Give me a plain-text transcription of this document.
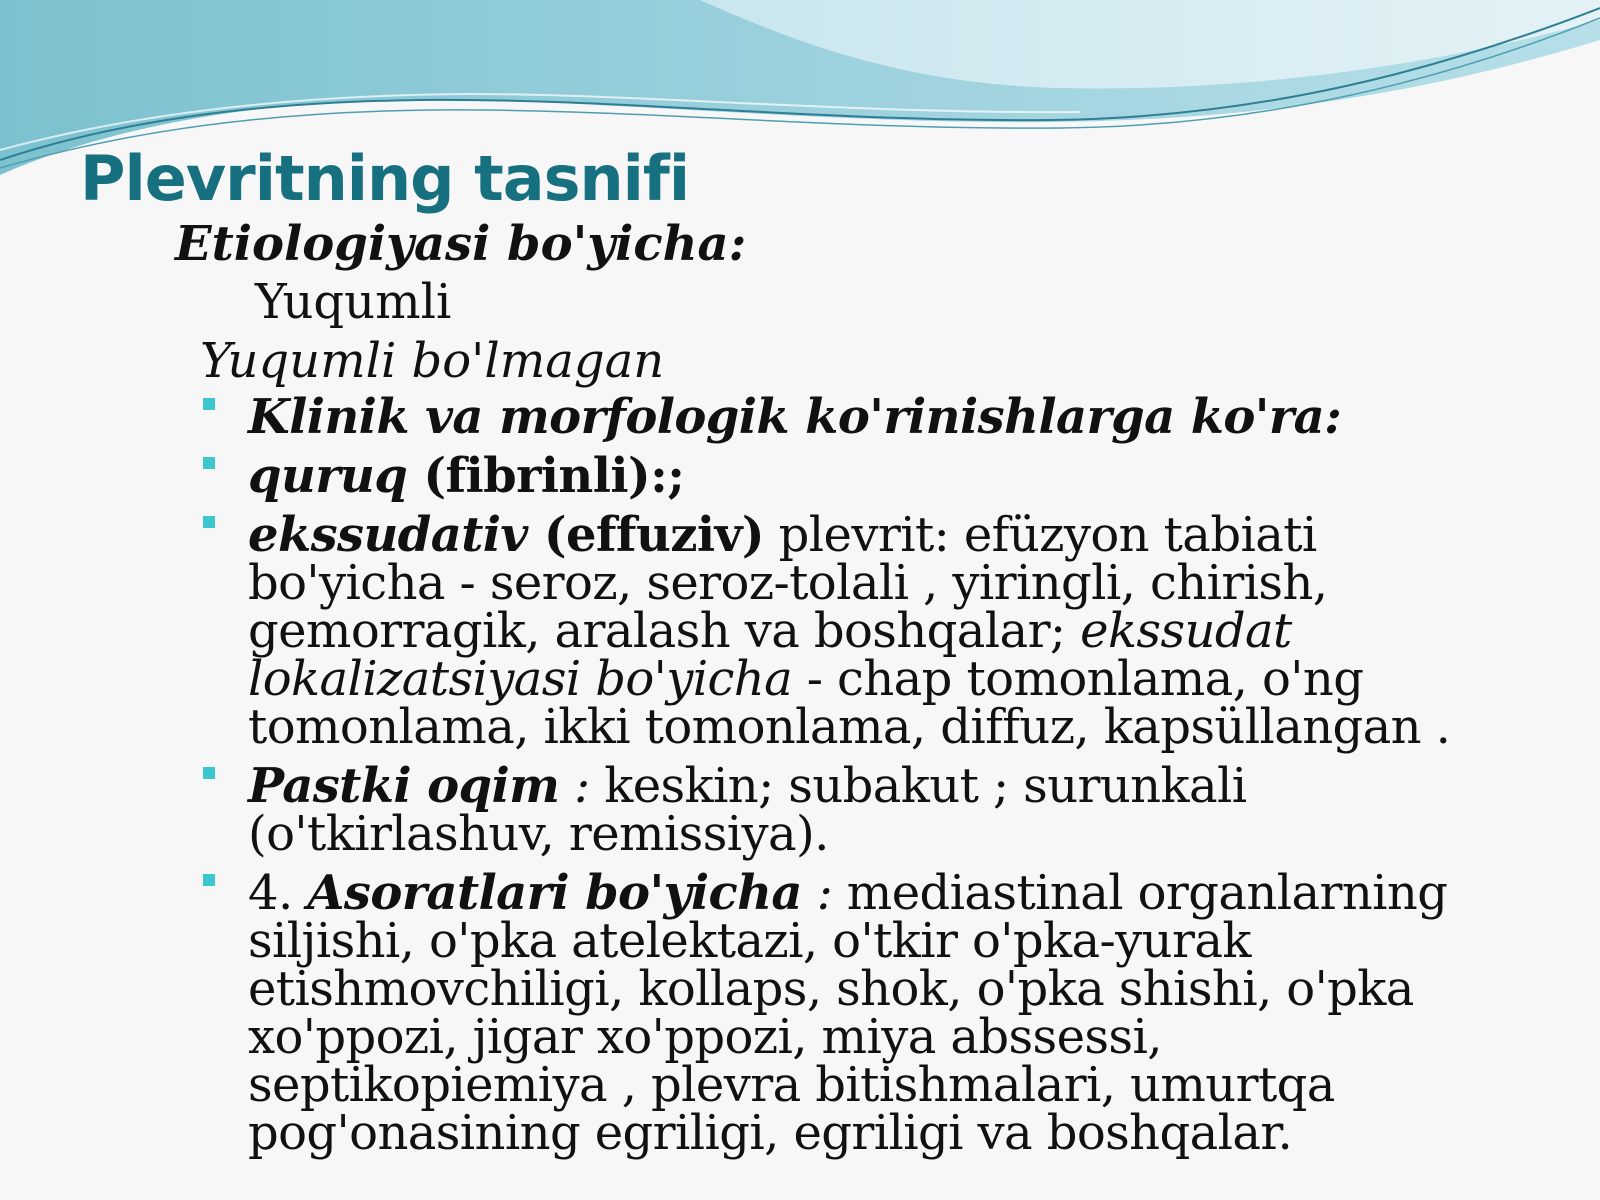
Plevritning tasnifi

Etiologiyasi bo'yicha:

Yuqumli

Yuqumli bo'lmagan

Klinik va morfologik ko'rinishlarga ko'ra:
quruq (fibrinli):;
ekssudativ (effuziv) plevrit: efüzyon tabiati bo'yicha - seroz, seroz-tolali , yiringli, chirish, gemorragik, aralash va boshqalar; ekssudat lokalizatsiyasi bo'yicha - chap tomonlama, o'ng tomonlama, ikki tomonlama, diffuz, kapsüllangan .
Pastki oqim : keskin; subakut ; surunkali (o'tkirlashuv, remissiya).
4. Asoratlari bo'yicha : mediastinal organlarning siljishi, o'pka atelektazi, o'tkir o'pka-yurak etishmovchiligi, kollaps, shok, o'pka shishi, o'pka xo'ppozi, jigar xo'ppozi, miya abssessi, septikopiemiya , plevra bitishmalari, umurtqa pog'onasining egriligi, egriligi va boshqalar.
